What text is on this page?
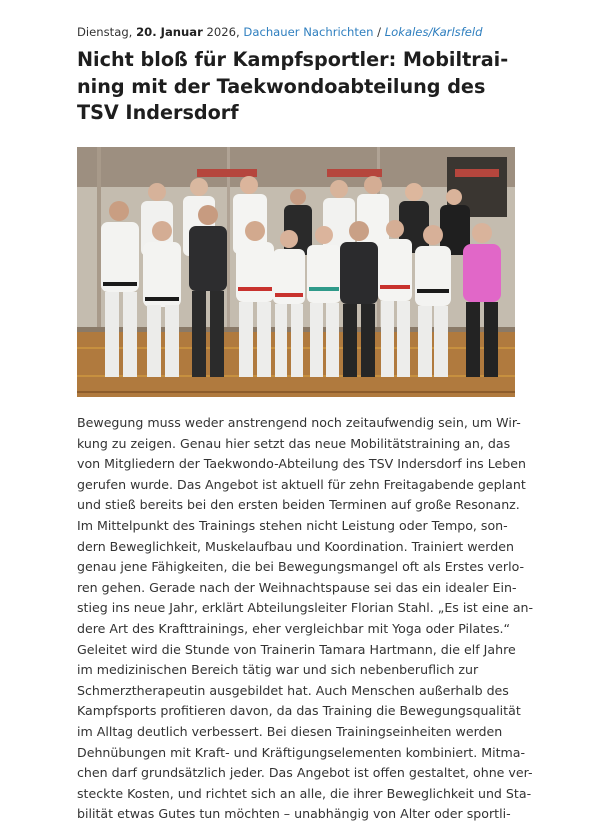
Dienstag, 20. Januar 2026, Dachauer Nachrichten / Lokales/Karlsfeld
Nicht bloß für Kampfsportler: Mobiltrai-
ning mit der Taekwondoabteilung des
TSV Indersdorf
Bewegung muss weder anstrengend noch zeitaufwendig sein, um Wir-
kung zu zeigen. Genau hier setzt das neue Mobilitätstraining an, das
von Mitgliedern der Taekwondo-Abteilung des TSV Indersdorf ins Leben
gerufen wurde. Das Angebot ist aktuell für zehn Freitagabende geplant
und stieß bereits bei den ersten beiden Terminen auf große Resonanz.
Im Mittelpunkt des Trainings stehen nicht Leistung oder Tempo, son-
dern Beweglichkeit, Muskelaufbau und Koordination. Trainiert werden
genau jene Fähigkeiten, die bei Bewegungsmangel oft als Erstes verlo-
ren gehen. Gerade nach der Weihnachtspause sei das ein idealer Ein-
stieg ins neue Jahr, erklärt Abteilungsleiter Florian Stahl. „Es ist eine an-
dere Art des Krafttrainings, eher vergleichbar mit Yoga oder Pilates.“
Geleitet wird die Stunde von Trainerin Tamara Hartmann, die elf Jahre
im medizinischen Bereich tätig war und sich nebenberuflich zur
Schmerztherapeutin ausgebildet hat. Auch Menschen außerhalb des
Kampfsports profitieren davon, da das Training die Bewegungsqualität
im Alltag deutlich verbessert. Bei diesen Trainingseinheiten werden
Dehnübungen mit Kraft- und Kräftigungselementen kombiniert. Mitma-
chen darf grundsätzlich jeder. Das Angebot ist offen gestaltet, ohne ver-
steckte Kosten, und richtet sich an alle, die ihrer Beweglichkeit und Sta-
bilität etwas Gutes tun möchten – unabhängig von Alter oder sportli-
